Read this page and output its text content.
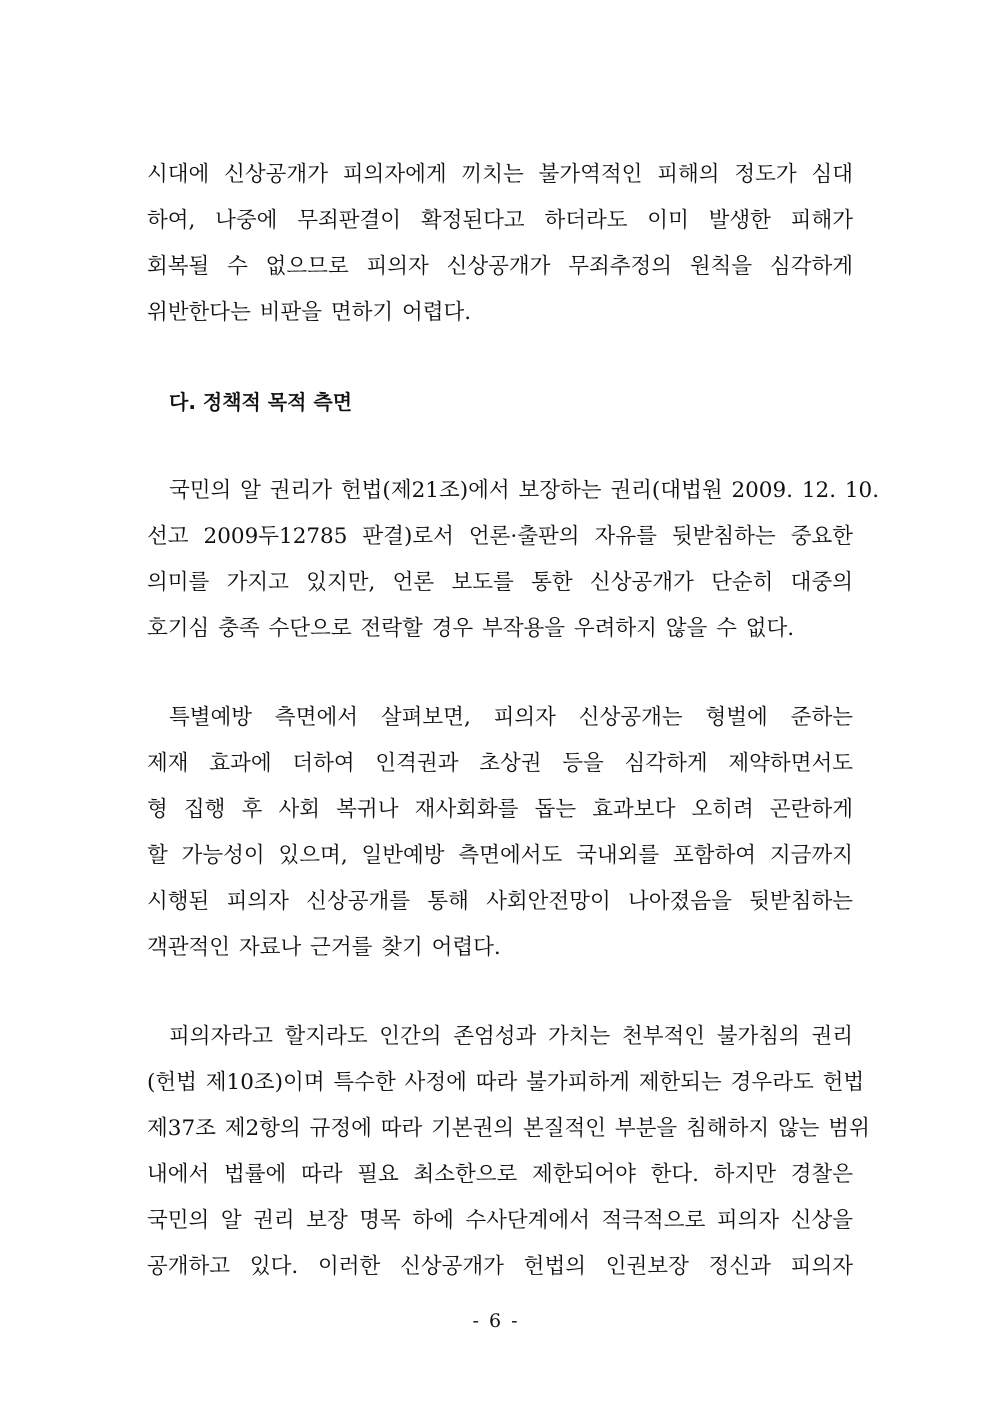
시대에 신상공개가 피의자에게 끼치는 불가역적인 피해의 정도가 심대
하여, 나중에 무죄판결이 확정된다고 하더라도 이미 발생한 피해가
회복될 수 없으므로 피의자 신상공개가 무죄추정의 원칙을 심각하게
위반한다는 비판을 면하기 어렵다.

다. 정책적 목적 측면

국민의 알 권리가 헌법(제21조)에서 보장하는 권리(대법원 2009. 12. 10.
선고 2009두12785 판결)로서 언론·출판의 자유를 뒷받침하는 중요한
의미를 가지고 있지만, 언론 보도를 통한 신상공개가 단순히 대중의
호기심 충족 수단으로 전락할 경우 부작용을 우려하지 않을 수 없다.

특별예방 측면에서 살펴보면, 피의자 신상공개는 형벌에 준하는
제재 효과에 더하여 인격권과 초상권 등을 심각하게 제약하면서도
형 집행 후 사회 복귀나 재사회화를 돕는 효과보다 오히려 곤란하게
할 가능성이 있으며, 일반예방 측면에서도 국내외를 포함하여 지금까지
시행된 피의자 신상공개를 통해 사회안전망이 나아졌음을 뒷받침하는
객관적인 자료나 근거를 찾기 어렵다.

피의자라고 할지라도 인간의 존엄성과 가치는 천부적인 불가침의 권리
(헌법 제10조)이며 특수한 사정에 따라 불가피하게 제한되는 경우라도 헌법
제37조 제2항의 규정에 따라 기본권의 본질적인 부분을 침해하지 않는 범위
내에서 법률에 따라 필요 최소한으로 제한되어야 한다. 하지만 경찰은
국민의 알 권리 보장 명목 하에 수사단계에서 적극적으로 피의자 신상을
공개하고 있다. 이러한 신상공개가 헌법의 인권보장 정신과 피의자

- 6 -
